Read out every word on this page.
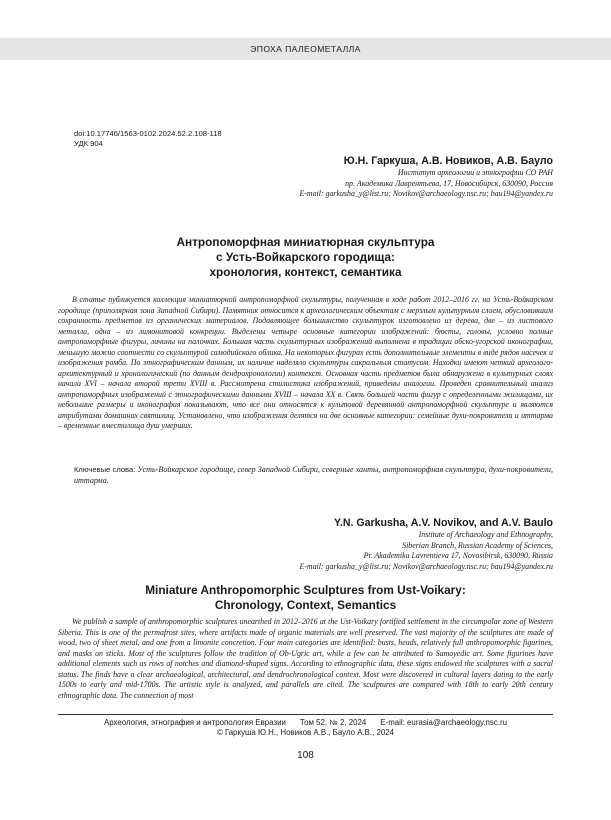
ЭПОХА ПАЛЕОМЕТАЛЛА
doi:10.17746/1563-0102.2024.52.2.108-118
УДК 904
Ю.Н. Гаркуша, А.В. Новиков, А.В. Бауло
Институт археологии и этнографии СО РАН
пр. Академика Лаврентьева, 17, Новосибирск, 630090, Россия
E-mail: garkusha_y@list.ru; Novikov@archaeology.nsc.ru; bau194@yandex.ru
Антропоморфная миниатюрная скульптура
с Усть-Войкарского городища:
хронология, контекст, семантика
В статье публикуется коллекция миниатюрной антропоморфной скульптуры, полученная в ходе работ 2012–2016 гг. на Усть-Войкарском городище (приполярная зона Западной Сибири). Памятник относится к археологическим объектам с мерзлым культурным слоем, обусловившим сохранность предметов из органических материалов. Подавляющее большинство скульптурок изготовлено из дерева, две – из листового металла, одна – из лимонитовой конкреции. Выделены четыре основные категории изображений: бюсты, головы, условно полные антропоморфные фигуры, личины на палочках. Большая часть скульптурных изображений выполнена в традиции обско-угорской иконографии, меньшую можно соотнести со скульптурой самодийского облика. На некоторых фигурах есть дополнительные элементы в виде рядов насечек и изображения ромба. По этнографическим данным, их наличие наделяло скульптуры сакральным статусом. Находки имеют четкий археолого-архитектурный и хронологический (по данным дендрохронологии) контекст. Основная часть предметов была обнаружена в культурных слоях начала XVI – начала второй трети XVIII в. Рассмотрена стилистика изображений, приведены аналогии. Проведен сравнительный анализ антропоморфных изображений с этнографическими данными XVIII – начала XX в. Связь большей части фигур с определенными жилищами, их небольшие размеры и иконография показывают, что все они относятся к культовой деревянной антропоморфной скульптуре и являются атрибутами домашних святилищ. Установлено, что изображения делятся на две основные категории: семейные духи-покровители и иттарма – временные вместилища душ умерших.
Ключевые слова: Усть-Войкарское городище, север Западной Сибири, северные ханты, антропоморфная скульптура, духи-покровители, иттарма.
Y.N. Garkusha, A.V. Novikov, and A.V. Baulo
Institute of Archaeology and Ethnography,
Siberian Branch, Russian Academy of Sciences,
Pr. Akademika Lavrentieva 17, Novosibirsk, 630090, Russia
E-mail: garkusha_y@list.ru; Novikov@archaeology.nsc.ru; bau194@yandex.ru
Miniature Anthropomorphic Sculptures from Ust-Voikary:
Chronology, Context, Semantics
We publish a sample of anthropomorphic sculptures unearthed in 2012–2016 at the Ust-Voikary fortified settlement in the circumpolar zone of Western Siberia. This is one of the permafrost sites, where artifacts made of organic materials are well preserved. The vast majority of the sculptures are made of wood, two of sheet metal, and one from a limonite concretion. Four main categories are identified: busts, heads, relatively full anthropomorphic figurines, and masks on sticks. Most of the sculptures follow the tradition of Ob-Ugric art, while a few can be attributed to Samoyedic art. Some figurines have additional elements such as rows of notches and diamond-shaped signs. According to ethnographic data, these signs endowed the sculptures with a sacral status. The finds have a clear archaeological, architectural, and dendrochronological context. Most were discovered in cultural layers dating to the early 1500s to early and mid-1700s. The artistic style is analyzed, and parallels are cited. The sculptures are compared with 18th to early 20th century ethnographic data. The connection of most
Археология, этнография и антропология Евразии Том 52, № 2, 2024 E-mail: eurasia@archaeology.nsc.ru
© Гаркуша Ю.Н., Новиков А.В., Бауло А.В., 2024
108
